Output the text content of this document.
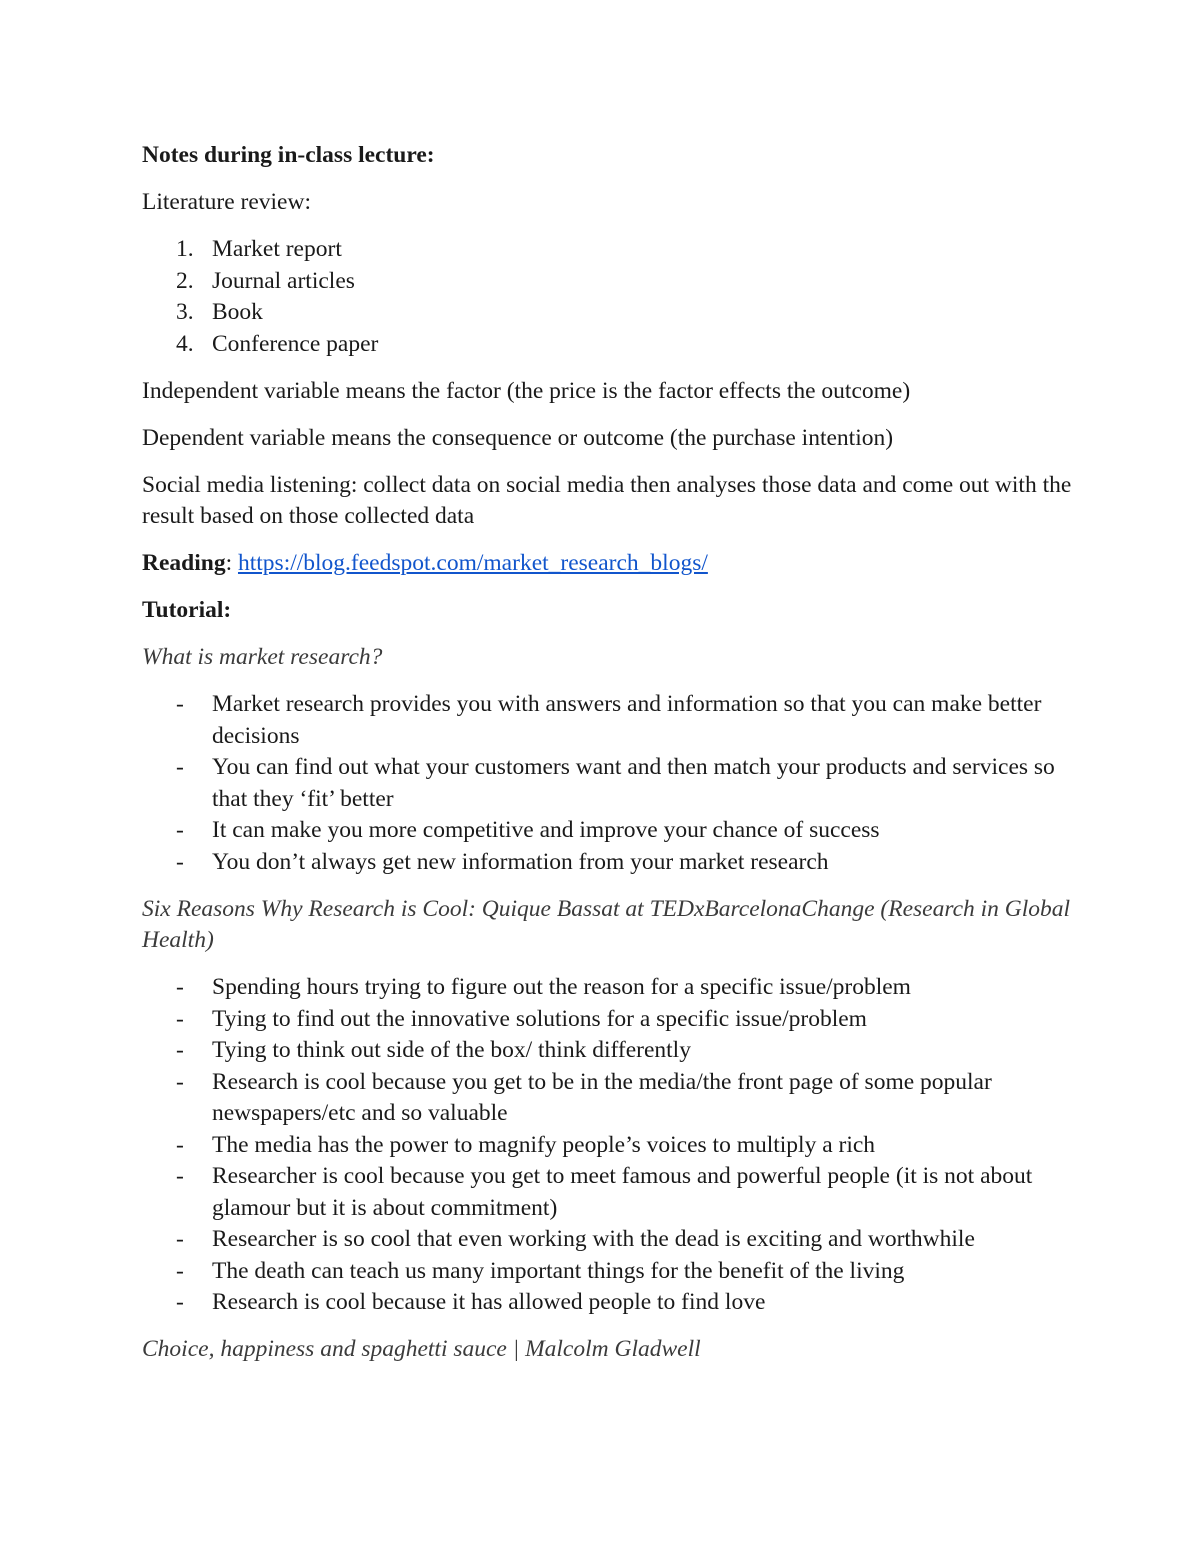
Notes during in-class lecture:

Literature review:

1. Market report
2. Journal articles
3. Book
4. Conference paper

Independent variable means the factor (the price is the factor effects the outcome)

Dependent variable means the consequence or outcome (the purchase intention)

Social media listening: collect data on social media then analyses those data and come out with the result based on those collected data

Reading: https://blog.feedspot.com/market_research_blogs/

Tutorial:

What is market research?

- Market research provides you with answers and information so that you can make better decisions
- You can find out what your customers want and then match your products and services so that they ‘fit’ better
- It can make you more competitive and improve your chance of success
- You don’t always get new information from your market research

Six Reasons Why Research is Cool: Quique Bassat at TEDxBarcelonaChange (Research in Global Health)

- Spending hours trying to figure out the reason for a specific issue/problem
- Tying to find out the innovative solutions for a specific issue/problem
- Tying to think out side of the box/ think differently
- Research is cool because you get to be in the media/the front page of some popular newspapers/etc and so valuable
- The media has the power to magnify people’s voices to multiply a rich
- Researcher is cool because you get to meet famous and powerful people (it is not about glamour but it is about commitment)
- Researcher is so cool that even working with the dead is exciting and worthwhile
- The death can teach us many important things for the benefit of the living
- Research is cool because it has allowed people to find love

Choice, happiness and spaghetti sauce | Malcolm Gladwell
